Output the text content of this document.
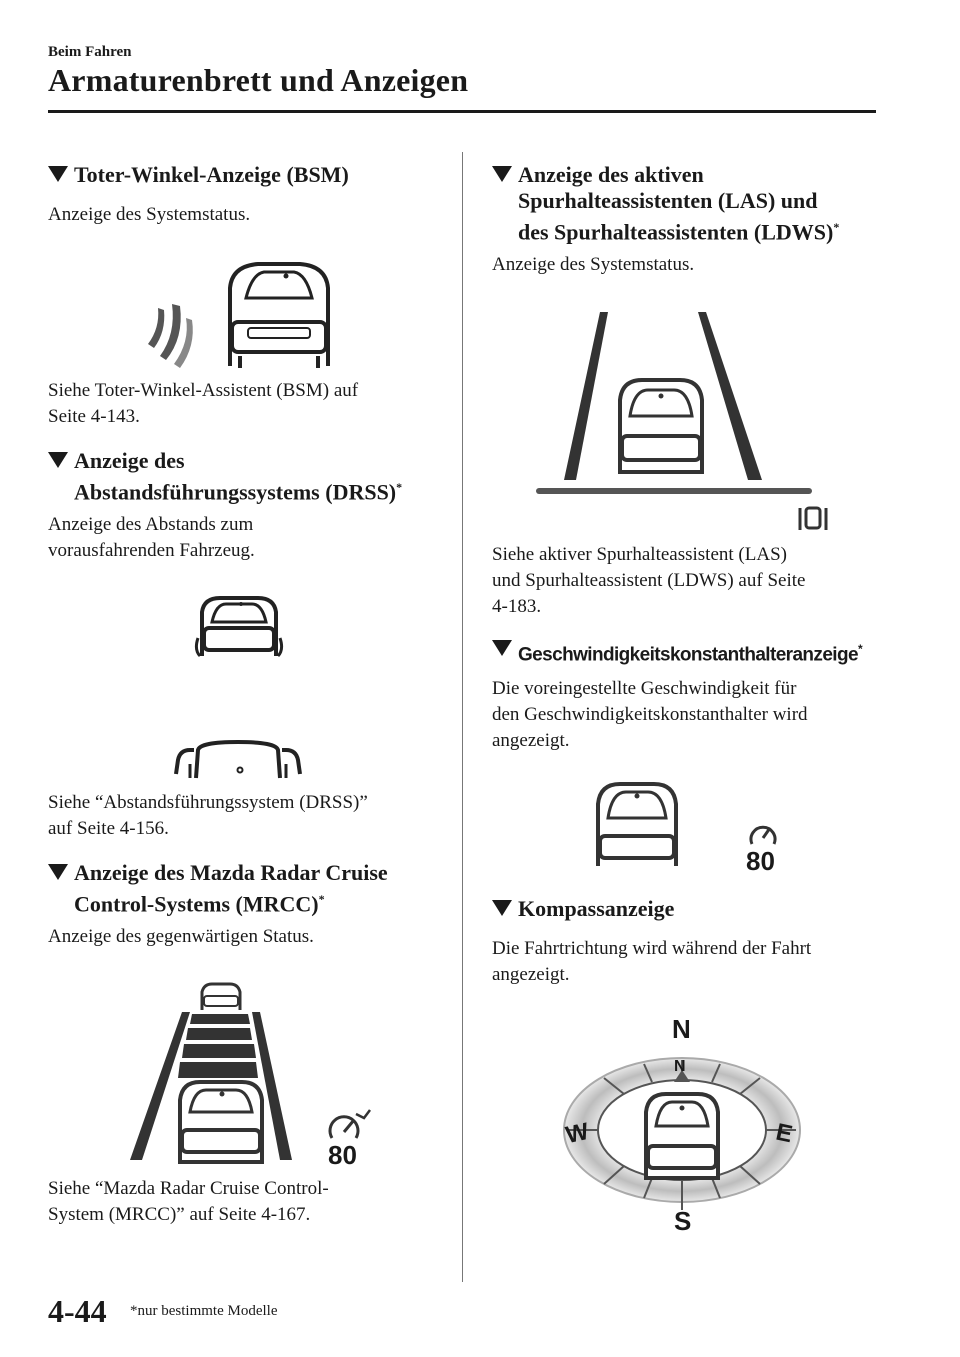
Beim Fahren
Armaturenbrett und Anzeigen
Toter-Winkel-Anzeige (BSM)
Anzeige des Systemstatus.
Siehe Toter-Winkel-Assistent (BSM) auf
Seite 4-143.
Anzeige des
Abstandsführungssystems (DRSS)*
Anzeige des Abstands zum
vorausfahrenden Fahrzeug.
Siehe “Abstandsführungssystem (DRSS)”
auf Seite 4-156.
Anzeige des Mazda Radar Cruise
Control-Systems (MRCC)*
Anzeige des gegenwärtigen Status.
80
Siehe “Mazda Radar Cruise Control-
System (MRCC)” auf Seite 4-167.
Anzeige des aktiven
Spurhalteassistenten (LAS) und
des Spurhalteassistenten (LDWS)*
Anzeige des Systemstatus.
Siehe aktiver Spurhalteassistent (LAS)
und Spurhalteassistent (LDWS) auf Seite
4-183.
Geschwindigkeitskonstanthalteranzeige*
Die voreingestellte Geschwindigkeit für
den Geschwindigkeitskonstanthalter wird
angezeigt.
80
Kompassanzeige
Die Fahrtrichtung wird während der Fahrt
angezeigt.
N
S
E
W
N
4-44 *nur bestimmte Modelle
